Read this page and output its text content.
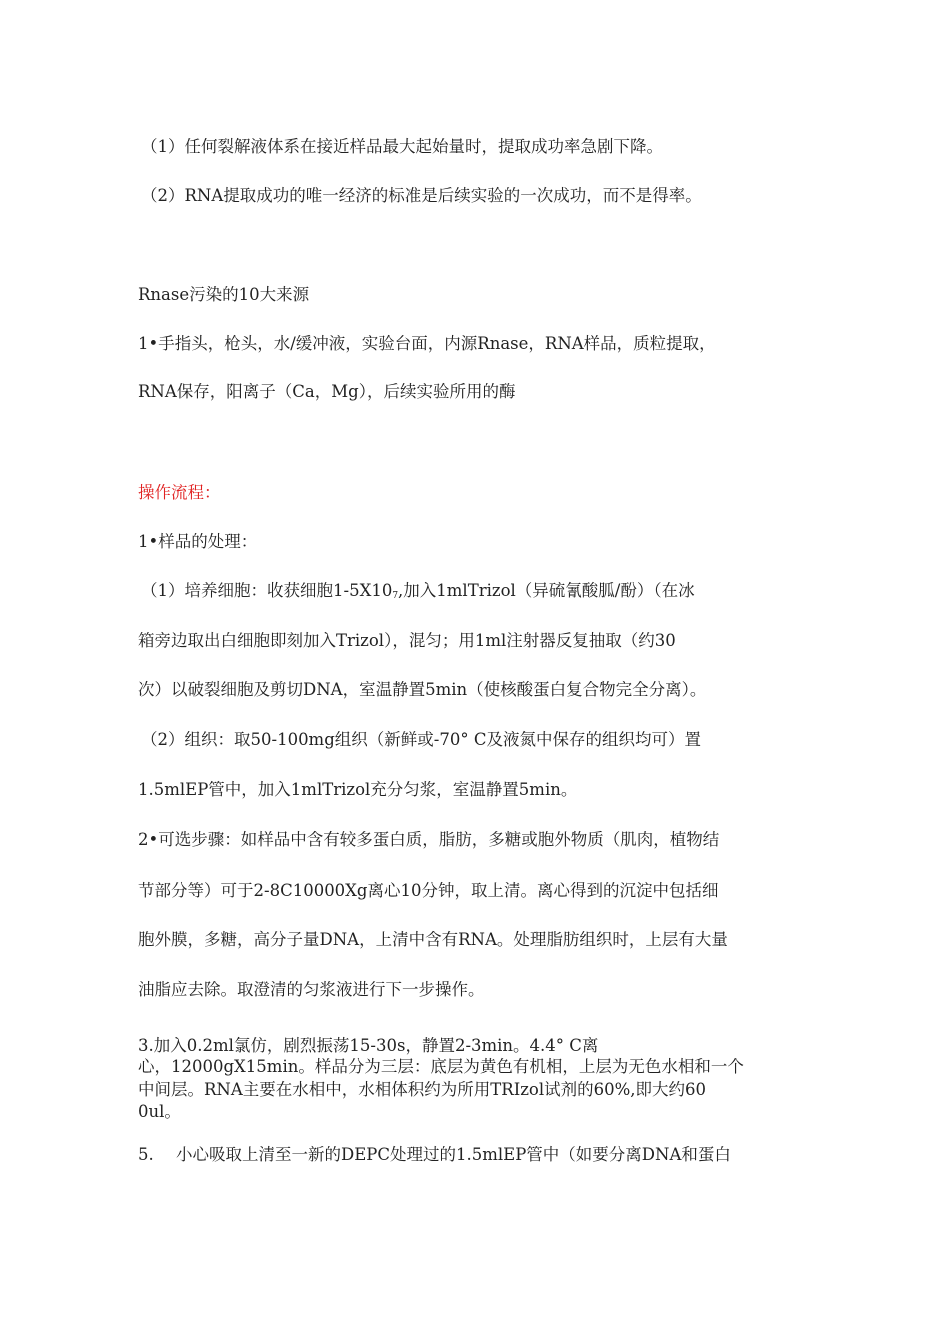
（1）任何裂解液体系在接近样品最大起始量时，提取成功率急剧下降。
（2）RNA提取成功的唯一经济的标准是后续实验的一次成功，而不是得率。
Rnase污染的10大来源
1•手指头，枪头，水/缓冲液，实验台面，内源Rnase，RNA样品，质粒提取，
RNA保存，阳离子（Ca，Mg），后续实验所用的酶
操作流程：
1•样品的处理：
（1）培养细胞：收获细胞$1-5X10_7$,加入1mlTrizol（异硫氰酸胍/酚）（在冰
箱旁边取出白细胞即刻加入Trizol），混匀；用1ml注射器反复抽取（约30
次）以破裂细胞及剪切DNA，室温静置5min（使核酸蛋白复合物完全分离）。
（2）组织：取50-100mg组织（新鲜或-70° C及液氮中保存的组织均可）置
1.5mlEP管中，加入1mlTrizol充分匀浆，室温静置5min。
2•可选步骤：如样品中含有较多蛋白质，脂肪，多糖或胞外物质（肌肉，植物结
节部分等）可于2-8C10000Xg离心10分钟，取上清。离心得到的沉淀中包括细
胞外膜，多糖，高分子量DNA，上清中含有RNA。处理脂肪组织时，上层有大量
油脂应去除。取澄清的匀浆液进行下一步操作。
3.加入0.2ml氯仿，剧烈振荡15-30s，静置2-3min。4.4° C离
心，12000gX15min。样品分为三层：底层为黄色有机相，上层为无色水相和一个
中间层。RNA主要在水相中，水相体积约为所用TRIzol试剂的60%,即大约60
0ul。
5. 小心吸取上清至一新的DEPC处理过的1.5mlEP管中（如要分离DNA和蛋白
